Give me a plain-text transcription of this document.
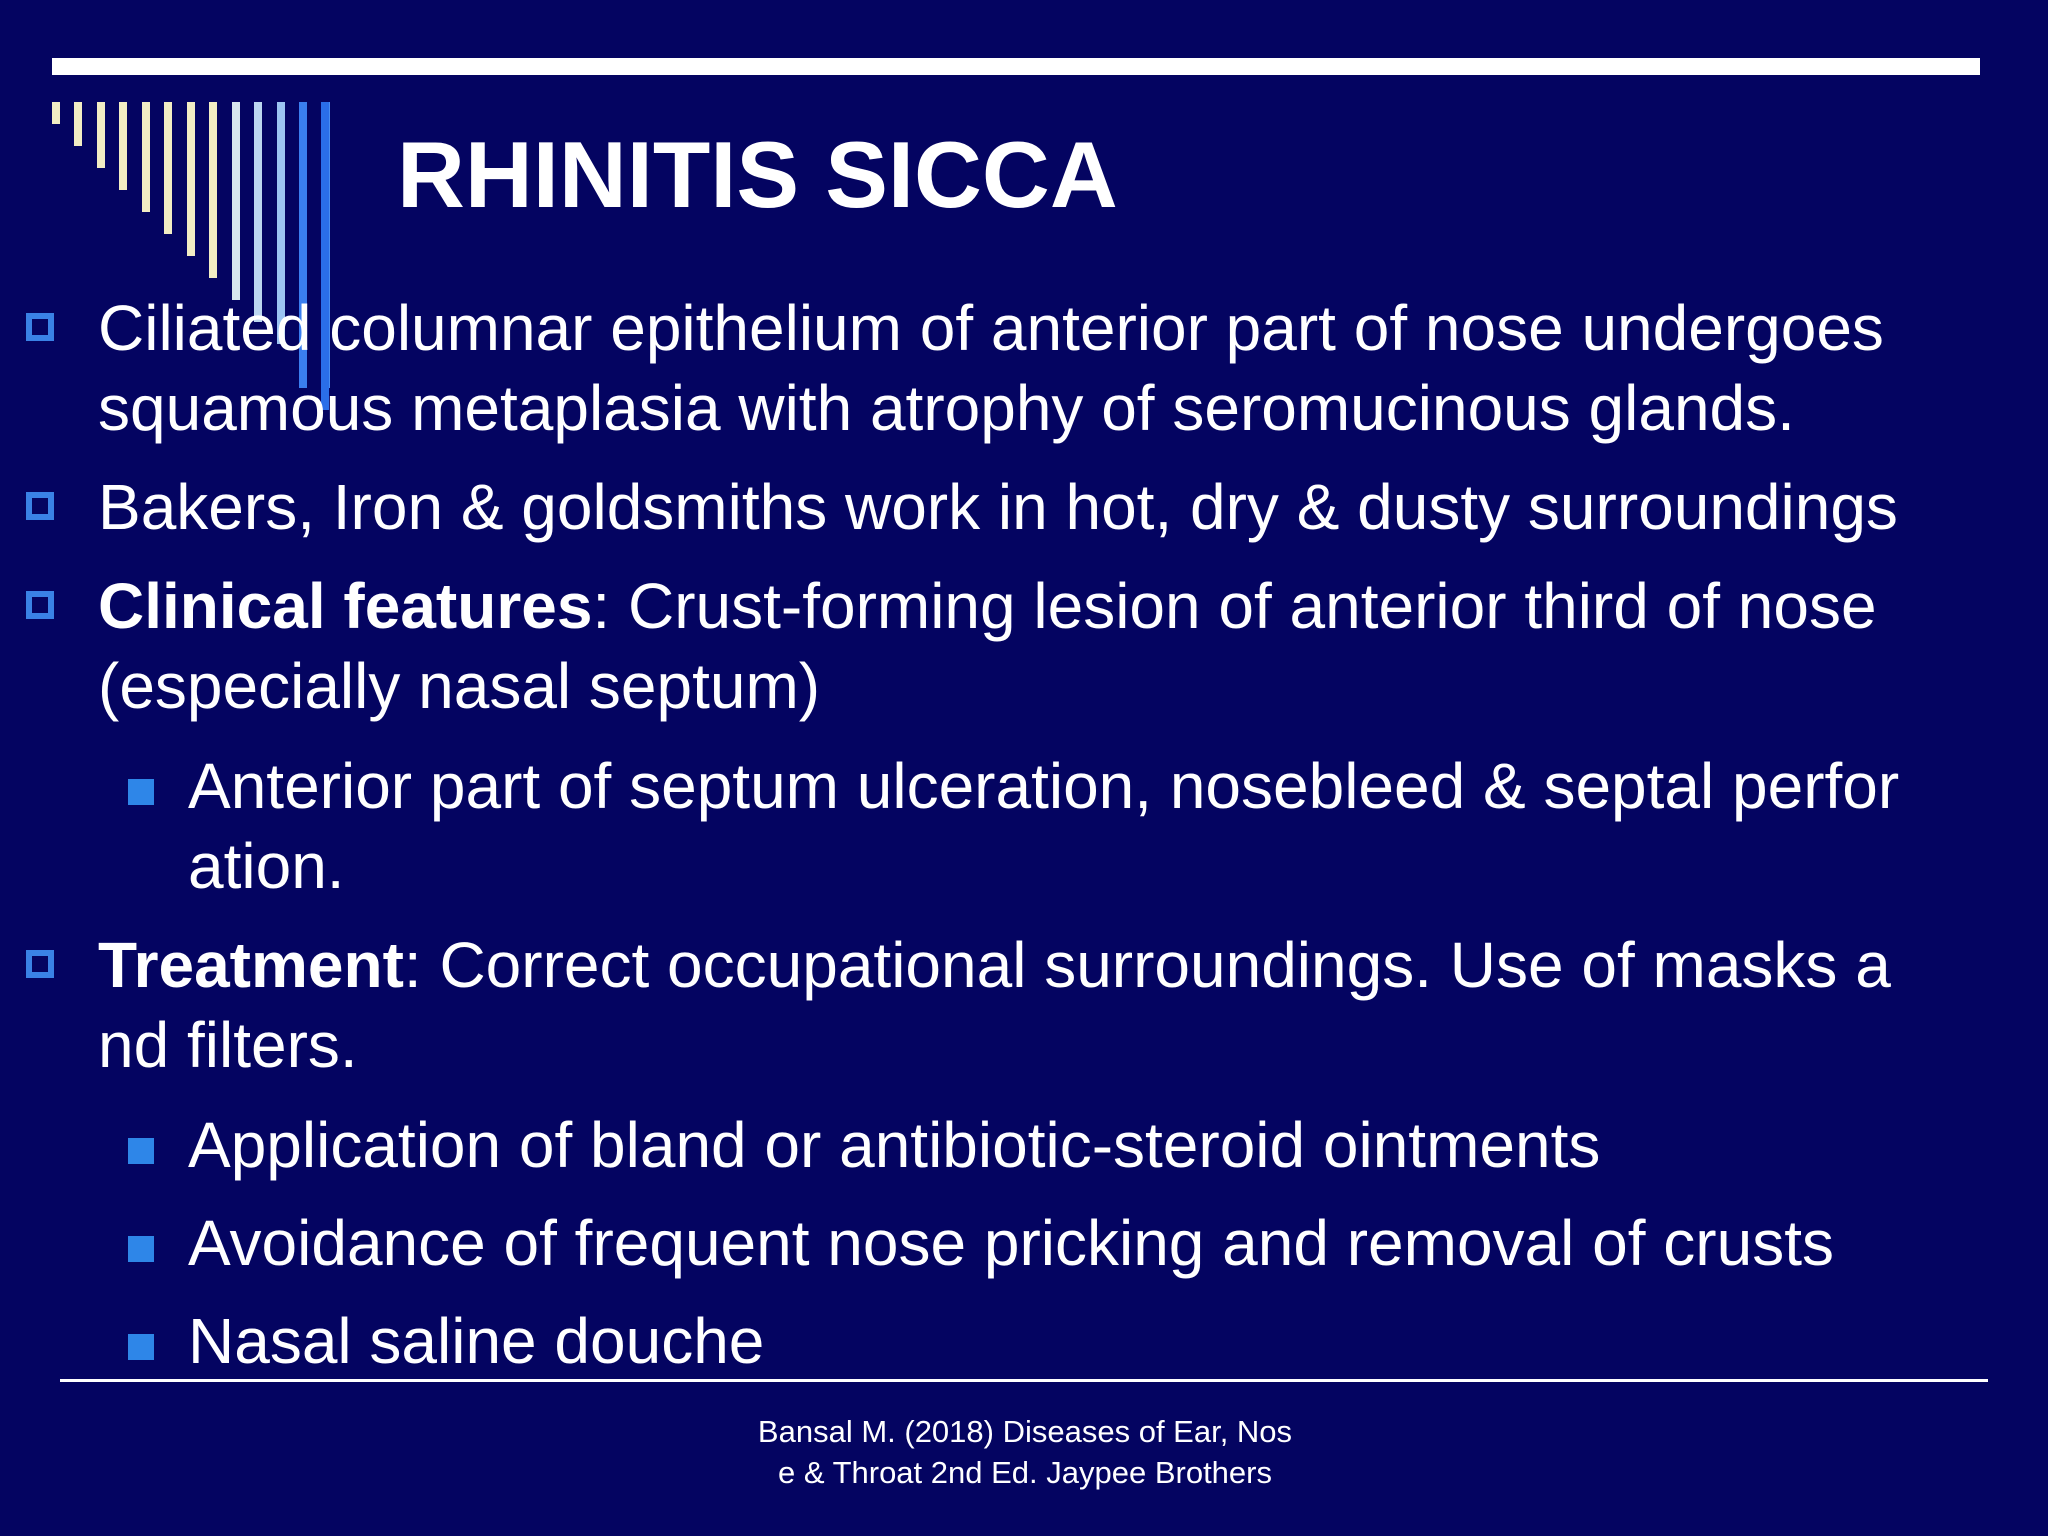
RHINITIS SICCA
Ciliated columnar epithelium of anterior part of nose undergoes
squamous metaplasia with atrophy of seromucinous glands.
Bakers, Iron & goldsmiths work in hot, dry & dusty surroundings
Clinical features: Crust-forming lesion of anterior third of nose
(especially nasal septum)
Anterior part of septum ulceration, nosebleed & septal perfor
ation.
Treatment: Correct occupational surroundings. Use of masks a
nd filters.
Application of bland or antibiotic-steroid ointments
Avoidance of frequent nose pricking and removal of crusts
Nasal saline douche
Bansal M. (2018) Diseases of Ear, Nos
e & Throat 2nd Ed. Jaypee Brothers
